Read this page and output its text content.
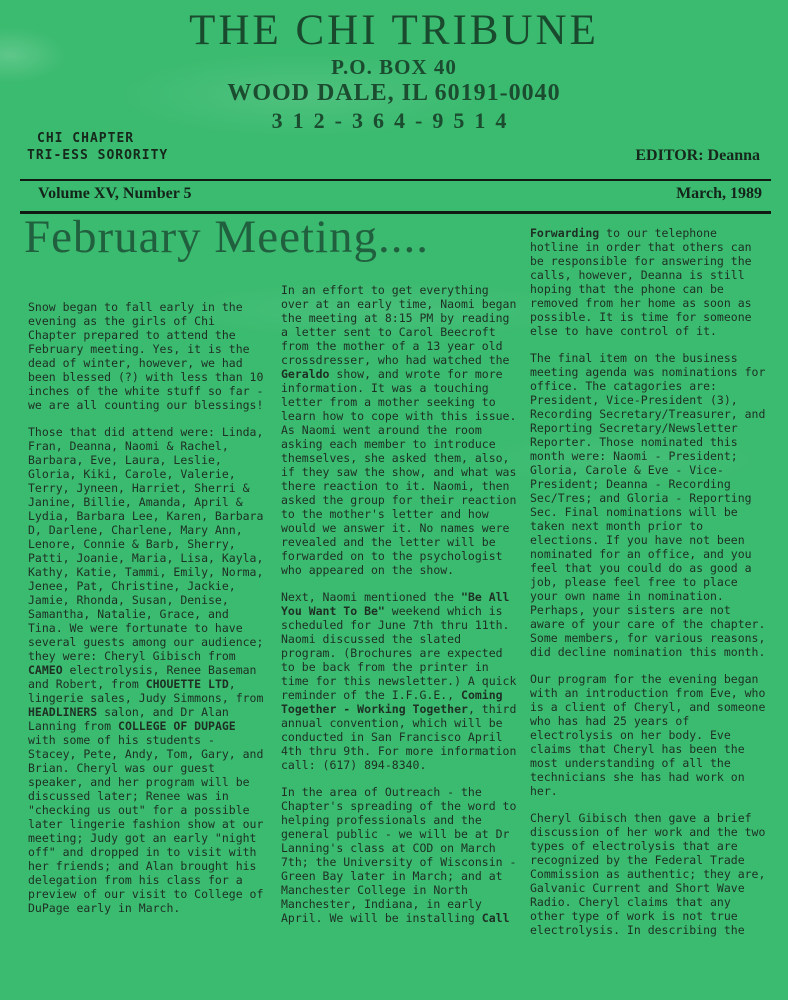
THE CHI TRIBUNE
P.O. BOX 40
WOOD DALE, IL 60191-0040
312-364-9514
CHI CHAPTER
TRI-ESS SORORITY	EDITOR: Deanna
Volume XV, Number 5	March, 1989
February Meeting....

Snow began to fall early in the evening as the girls of Chi Chapter prepared to attend the February meeting. Yes, it is the dead of winter, however, we had been blessed (?) with less than 10 inches of the white stuff so far - we are all counting our blessings!

Those that did attend were: Linda, Fran, Deanna, Naomi & Rachel, Barbara, Eve, Laura, Leslie, Gloria, Kiki, Carole, Valerie, Terry, Jyneen, Harriet, Sherri & Janine, Billie, Amanda, April & Lydia, Barbara Lee, Karen, Barbara D, Darlene, Charlene, Mary Ann, Lenore, Connie & Barb, Sherry, Patti, Joanie, Maria, Lisa, Kayla, Kathy, Katie, Tammi, Emily, Norma, Jenee, Pat, Christine, Jackie, Jamie, Rhonda, Susan, Denise, Samantha, Natalie, Grace, and Tina. We were fortunate to have several guests among our audience; they were: Cheryl Gibisch from CAMEO electrolysis, Renee Baseman and Robert, from CHOUETTE LTD, lingerie sales, Judy Simmons, from HEADLINERS salon, and Dr Alan Lanning from COLLEGE OF DUPAGE with some of his students - Stacey, Pete, Andy, Tom, Gary, and Brian. Cheryl was our guest speaker, and her program will be discussed later; Renee was in "checking us out" for a possible later lingerie fashion show at our meeting; Judy got an early "night off" and dropped in to visit with her friends; and Alan brought his delegation from his class for a preview of our visit to College of DuPage early in March.

In an effort to get everything over at an early time, Naomi began the meeting at 8:15 PM by reading a letter sent to Carol Beecroft from the mother of a 13 year old crossdresser, who had watched the Geraldo show, and wrote for more information. It was a touching letter from a mother seeking to learn how to cope with this issue. As Naomi went around the room asking each member to introduce themselves, she asked them, also, if they saw the show, and what was there reaction to it. Naomi, then asked the group for their reaction to the mother's letter and how would we answer it. No names were revealed and the letter will be forwarded on to the psychologist who appeared on the show.

Next, Naomi mentioned the "Be All You Want To Be" weekend which is scheduled for June 7th thru 11th. Naomi discussed the slated program. (Brochures are expected to be back from the printer in time for this newsletter.) A quick reminder of the I.F.G.E., Coming Together - Working Together, third annual convention, which will be conducted in San Francisco April 4th thru 9th. For more information call: (617) 894-8340.

In the area of Outreach - the Chapter's spreading of the word to helping professionals and the general public - we will be at Dr Lanning's class at COD on March 7th; the University of Wisconsin - Green Bay later in March; and at Manchester College in North Manchester, Indiana, in early April. We will be installing Call

Forwarding to our telephone hotline in order that others can be responsible for answering the calls, however, Deanna is still hoping that the phone can be removed from her home as soon as possible. It is time for someone else to have control of it.

The final item on the business meeting agenda was nominations for office. The catagories are: President, Vice-President (3), Recording Secretary/Treasurer, and Reporting Secretary/Newsletter Reporter. Those nominated this month were: Naomi - President; Gloria, Carole & Eve - Vice-President; Deanna - Recording Sec/Tres; and Gloria - Reporting Sec. Final nominations will be taken next month prior to elections. If you have not been nominated for an office, and you feel that you could do as good a job, please feel free to place your own name in nomination. Perhaps, your sisters are not aware of your care of the chapter. Some members, for various reasons, did decline nomination this month.

Our program for the evening began with an introduction from Eve, who is a client of Cheryl, and someone who has had 25 years of electrolysis on her body. Eve claims that Cheryl has been the most understanding of all the technicians she has had work on her.

Cheryl Gibisch then gave a brief discussion of her work and the two types of electrolysis that are recognized by the Federal Trade Commission as authentic; they are, Galvanic Current and Short Wave Radio. Cheryl claims that any other type of work is not true electrolysis. In describing the
